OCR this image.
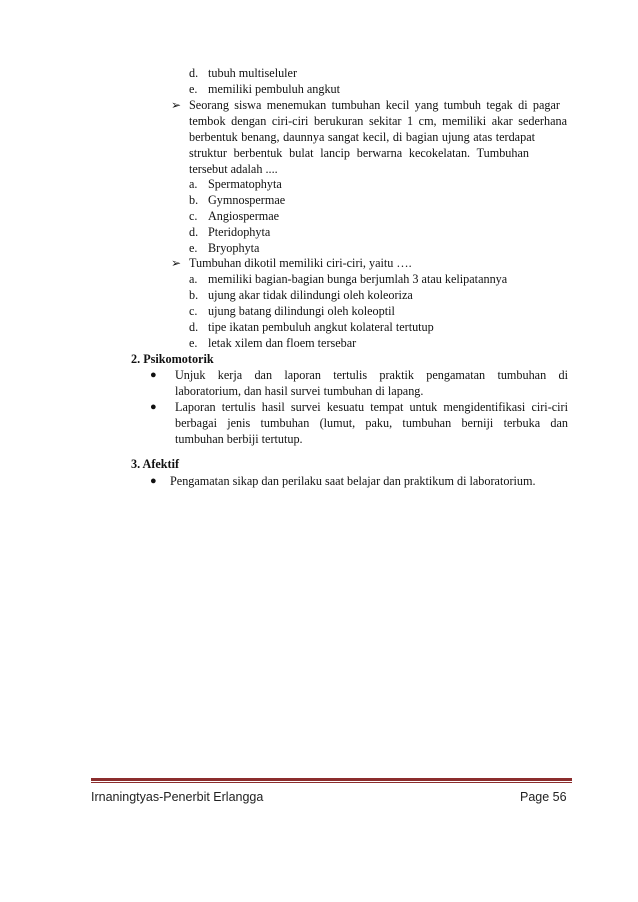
d. tubuh multiseluler
e. memiliki pembuluh angkut
➢ Seorang siswa menemukan tumbuhan kecil yang tumbuh tegak di pagar
tembok dengan ciri-ciri berukuran sekitar 1 cm, memiliki akar sederhana
berbentuk benang, daunnya sangat kecil, di bagian ujung atas terdapat
struktur berbentuk bulat lancip berwarna kecokelatan. Tumbuhan
tersebut adalah ....
a. Spermatophyta
b. Gymnospermae
c. Angiospermae
d. Pteridophyta
e. Bryophyta
➢ Tumbuhan dikotil memiliki ciri-ciri, yaitu ….
a. memiliki bagian-bagian bunga berjumlah 3 atau kelipatannya
b. ujung akar tidak dilindungi oleh koleoriza
c. ujung batang dilindungi oleh koleoptil
d. tipe ikatan pembuluh angkut kolateral tertutup
e. letak xilem dan floem tersebar
2. Psikomotorik
● Unjuk kerja dan laporan tertulis praktik pengamatan tumbuhan di
laboratorium, dan hasil survei tumbuhan di lapang.
● Laporan tertulis hasil survei kesuatu tempat untuk mengidentifikasi ciri-ciri
berbagai jenis tumbuhan (lumut, paku, tumbuhan berniji terbuka dan
tumbuhan berbiji tertutup.
3. Afektif
● Pengamatan sikap dan perilaku saat belajar dan praktikum di laboratorium.
Irnaningtyas-Penerbit Erlangga	Page 56
